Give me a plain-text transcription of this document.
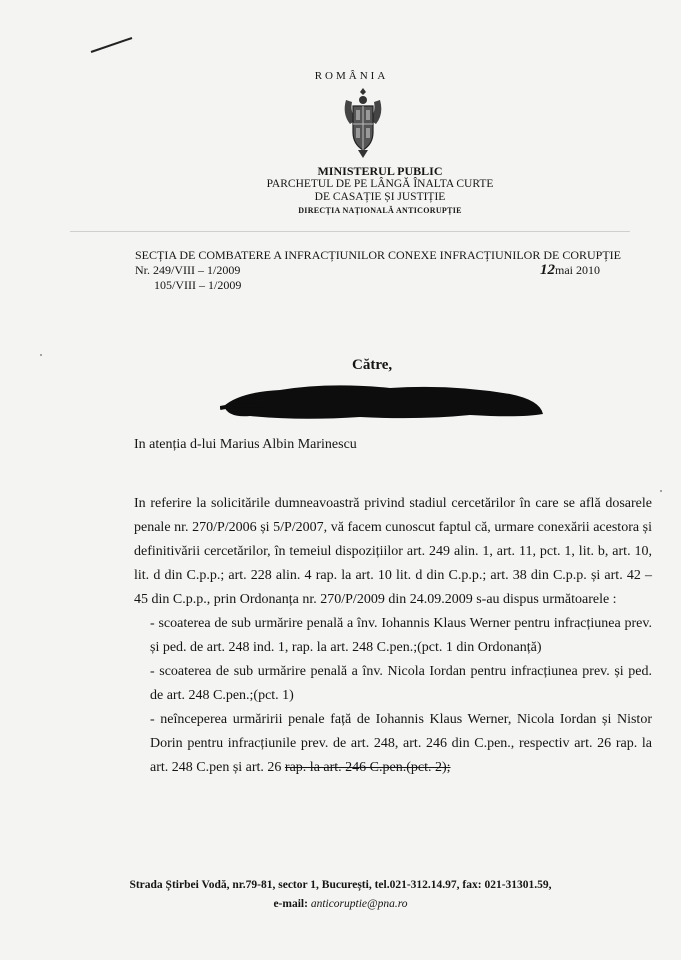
ROMÂNIA
MINISTERUL PUBLIC
PARCHETUL DE PE LÂNGĂ ÎNALTA CURTE
DE CASAȚIE ȘI JUSTIȚIE
DIRECȚIA NAȚIONALĂ ANTICORUPȚIE
SECȚIA DE COMBATERE A INFRACȚIUNILOR CONEXE INFRACȚIUNILOR DE CORUPȚIE
Nr. 249/VIII – 1/2009
105/VIII – 1/2009
12mai 2010
Către,
In atenția d-lui Marius Albin Marinescu
In referire la solicitările dumneavoastră privind stadiul cercetărilor în care se află dosarele penale nr. 270/P/2006 și 5/P/2007, vă facem cunoscut faptul că, urmare conexării acestora și definitivării cercetărilor, în temeiul dispozițiilor art. 249 alin. 1, art. 11, pct. 1, lit. b, art. 10, lit. d din C.p.p.; art. 228 alin. 4 rap. la art. 10 lit. d din C.p.p.; art. 38 din C.p.p. și art. 42 – 45 din C.p.p., prin Ordonanța nr. 270/P/2009 din 24.09.2009 s-au dispus următoarele :
- scoaterea de sub urmărire penală a înv. Iohannis Klaus Werner pentru infracțiunea prev. și ped. de art. 248 ind. 1, rap. la art. 248 C.pen.;(pct. 1 din Ordonanță)
- scoaterea de sub urmărire penală a înv. Nicola Iordan pentru infracțiunea prev. și ped. de art. 248 C.pen.;(pct. 1)
- neînceperea urmăririi penale față de Iohannis Klaus Werner, Nicola Iordan și Nistor Dorin pentru infracțiunile prev. de art. 248, art. 246 din C.pen., respectiv art. 26 rap. la art. 248 C.pen și art. 26 rap. la art. 246 C.pen.(pct. 2);
Strada Știrbei Vodă, nr.79-81, sector 1, București, tel.021-312.14.97, fax: 021-31301.59,
e-mail: anticoruptie@pna.ro
